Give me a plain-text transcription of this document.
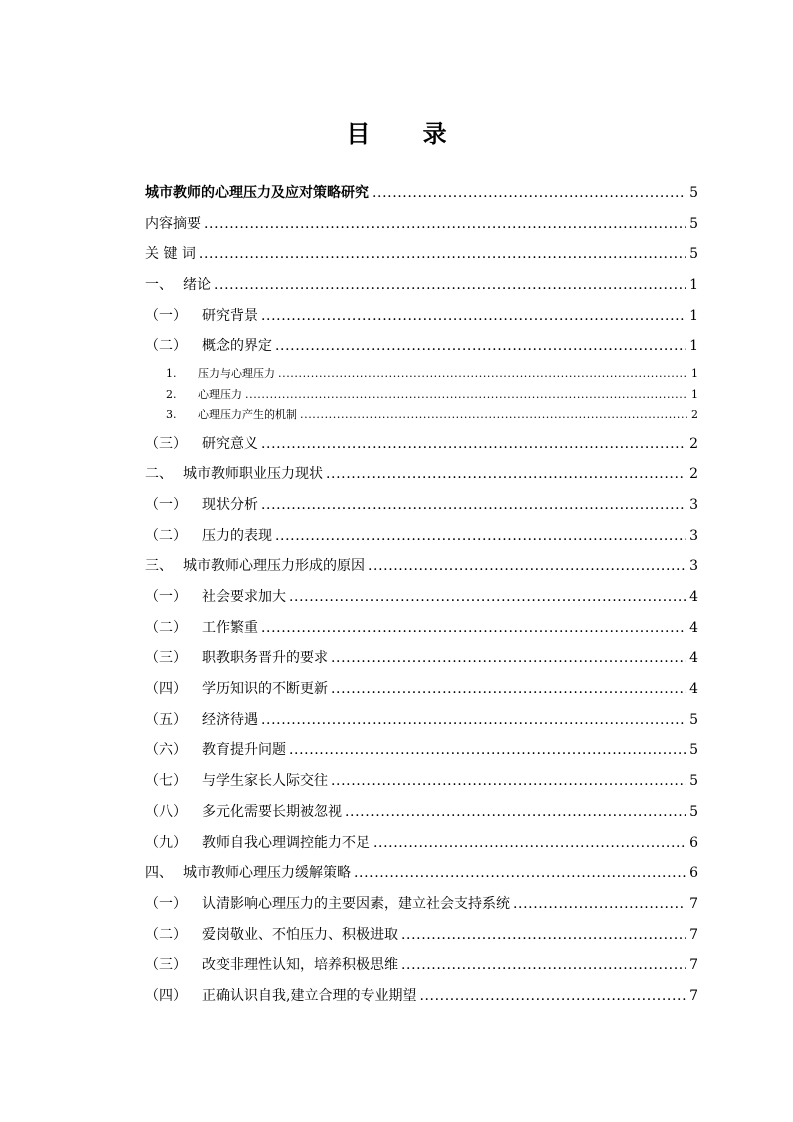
目 录
城市教师的心理压力及应对策略研究 .....	5
内容摘要 .....	5
关 键 词 .....	5
一、 绪论 .....	1
（一） 研究背景 .....	1
（二） 概念的界定 .....	1
1. 压力与心理压力 .....	1
2. 心理压力 .....	1
3. 心理压力产生的机制 .....	2
（三） 研究意义 .....	2
二、 城市教师职业压力现状 .....	2
（一） 现状分析 .....	3
（二） 压力的表现 .....	3
三、 城市教师心理压力形成的原因 .....	3
（一） 社会要求加大 .....	4
（二） 工作繁重 .....	4
（三） 职教职务晋升的要求 .....	4
（四） 学历知识的不断更新 .....	4
（五） 经济待遇 .....	5
（六） 教育提升问题 .....	5
（七） 与学生家长人际交往 .....	5
（八） 多元化需要长期被忽视 .....	5
（九） 教师自我心理调控能力不足 .....	6
四、 城市教师心理压力缓解策略 .....	6
（一） 认清影响心理压力的主要因素，建立社会支持系统 .....	7
（二） 爱岗敬业、不怕压力、积极进取 .....	7
（三） 改变非理性认知，培养积极思维 .....	7
（四） 正确认识自我,建立合理的专业期望 .....	7
